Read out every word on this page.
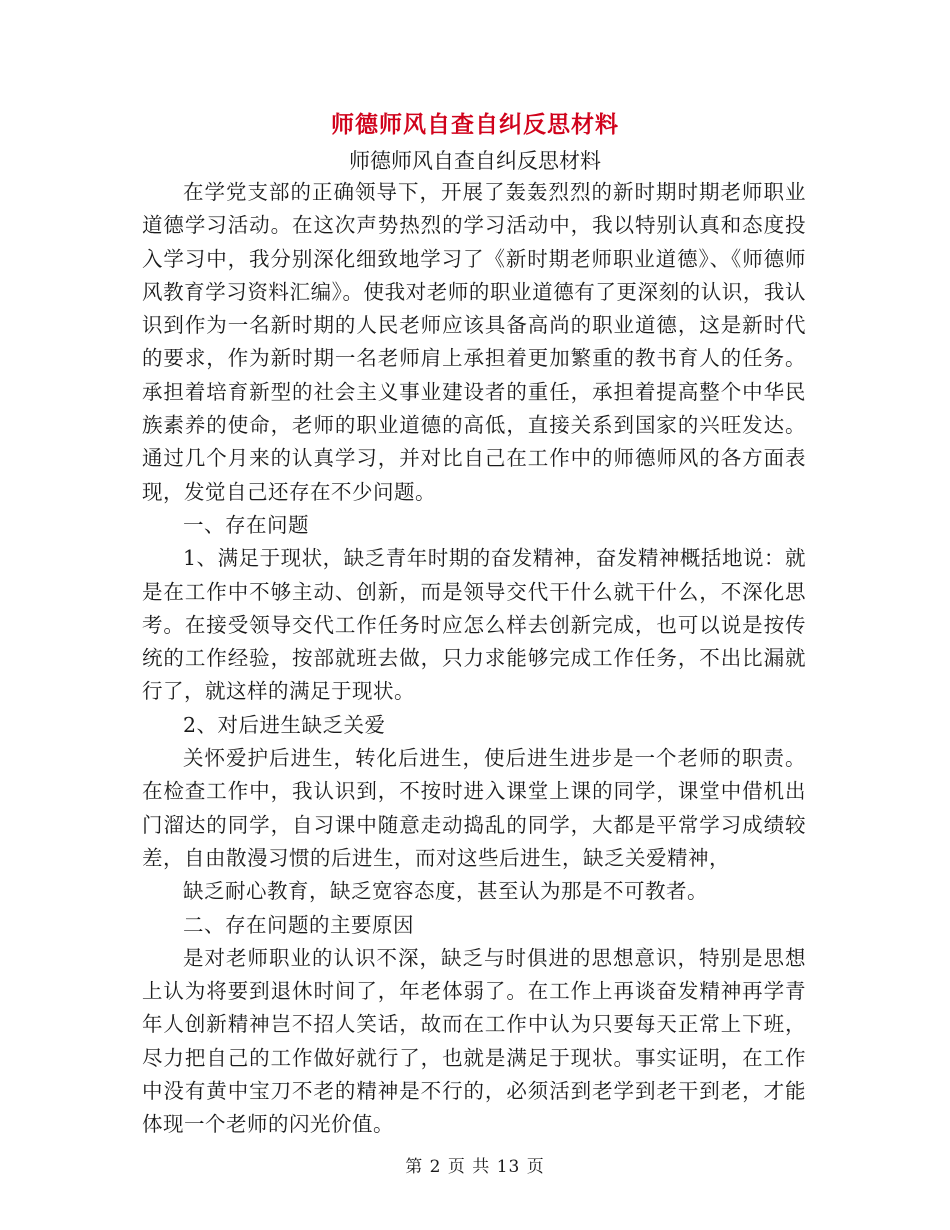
师德师风自查自纠反思材料
师德师风自查自纠反思材料

在学党支部的正确领导下，开展了轰轰烈烈的新时期时期老师职业道德学习活动。在这次声势热烈的学习活动中，我以特别认真和态度投入学习中，我分别深化细致地学习了《新时期老师职业道德》、《师德师风教育学习资料汇编》。使我对老师的职业道德有了更深刻的认识，我认识到作为一名新时期的人民老师应该具备高尚的职业道德，这是新时代的要求，作为新时期一名老师肩上承担着更加繁重的教书育人的任务。承担着培育新型的社会主义事业建设者的重任，承担着提高整个中华民族素养的使命，老师的职业道德的高低，直接关系到国家的兴旺发达。通过几个月来的认真学习，并对比自己在工作中的师德师风的各方面表现，发觉自己还存在不少问题。

一、存在问题

1、满足于现状，缺乏青年时期的奋发精神，奋发精神概括地说：就是在工作中不够主动、创新，而是领导交代干什么就干什么，不深化思考。在接受领导交代工作任务时应怎么样去创新完成，也可以说是按传统的工作经验，按部就班去做，只力求能够完成工作任务，不出比漏就行了，就这样的满足于现状。

2、对后进生缺乏关爱

关怀爱护后进生，转化后进生，使后进生进步是一个老师的职责。在检查工作中，我认识到，不按时进入课堂上课的同学，课堂中借机出门溜达的同学，自习课中随意走动捣乱的同学，大都是平常学习成绩较差，自由散漫习惯的后进生，而对这些后进生，缺乏关爱精神，

缺乏耐心教育，缺乏宽容态度，甚至认为那是不可教者。

二、存在问题的主要原因

是对老师职业的认识不深，缺乏与时俱进的思想意识，特别是思想上认为将要到退休时间了，年老体弱了。在工作上再谈奋发精神再学青年人创新精神岂不招人笑话，故而在工作中认为只要每天正常上下班，尽力把自己的工作做好就行了，也就是满足于现状。事实证明，在工作中没有黄中宝刀不老的精神是不行的，必须活到老学到老干到老，才能体现一个老师的闪光价值。

第 2 页 共 13 页
